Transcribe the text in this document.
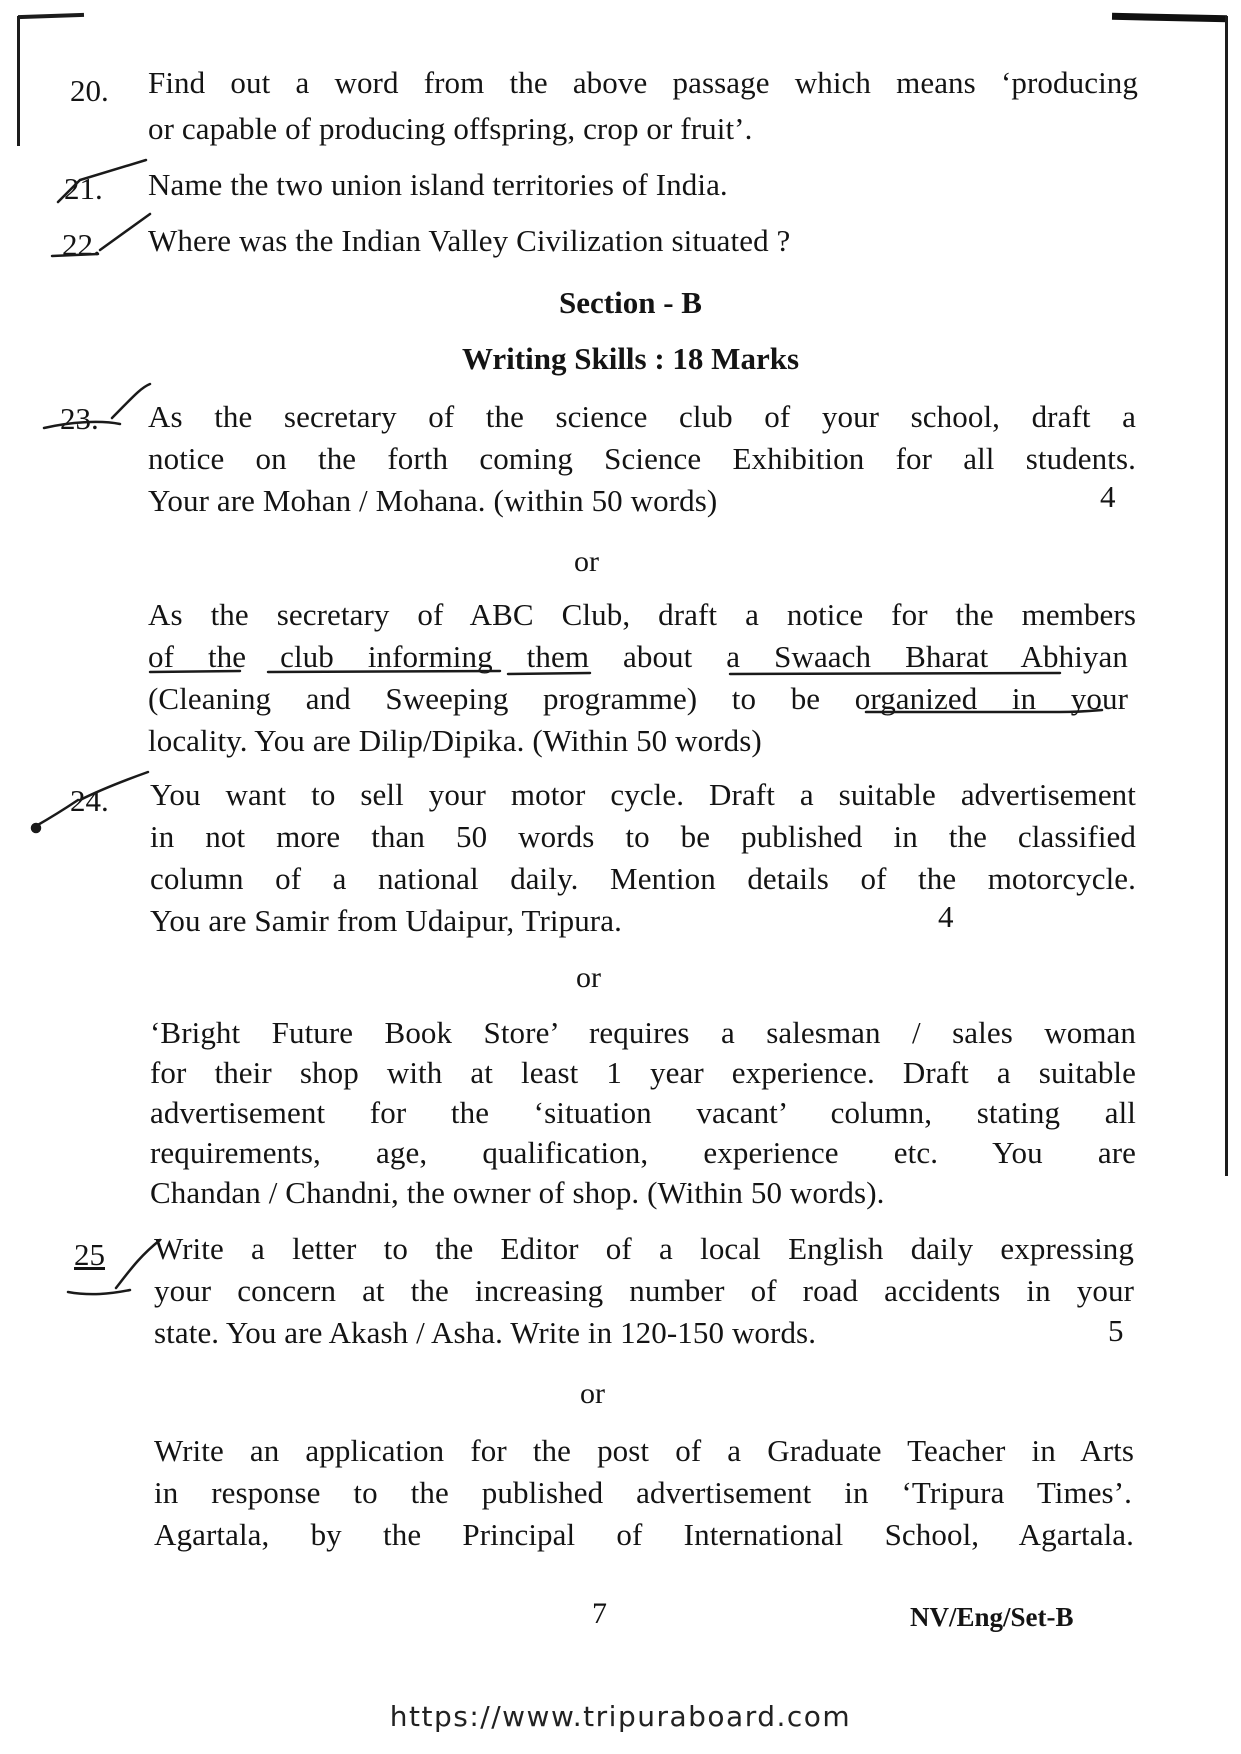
20. Find out a word from the above passage which means ‘producing
or capable of producing offspring, crop or fruit’.
21. Name the two union island territories of India.
22. Where was the Indian Valley Civilization situated ?
Section - B
Writing Skills : 18 Marks
23. As the secretary of the science club of your school, draft a
notice on the forth coming Science Exhibition for all students.
Your are Mohan / Mohana. (within 50 words)	4
or
As the secretary of ABC Club, draft a notice for the members
of the club informing them about a Swaach Bharat Abhiyan
(Cleaning and Sweeping programme) to be organized in your
locality. You are Dilip/Dipika. (Within 50 words)
24. You want to sell your motor cycle. Draft a suitable advertisement
in not more than 50 words to be published in the classified
column of a national daily. Mention details of the motorcycle.
You are Samir from Udaipur, Tripura.	4
or
‘Bright Future Book Store’ requires a salesman / sales woman
for their shop with at least 1 year experience. Draft a suitable
advertisement for the ‘situation vacant’ column, stating all
requirements, age, qualification, experience etc. You are
Chandan / Chandni, the owner of shop. (Within 50 words).
25 Write a letter to the Editor of a local English daily expressing
your concern at the increasing number of road accidents in your
state. You are Akash / Asha. Write in 120-150 words.	5
or
Write an application for the post of a Graduate Teacher in Arts
in response to the published advertisement in ‘Tripura Times’.
Agartala, by the Principal of International School, Agartala.
7	NV/Eng/Set-B
https://www.tripuraboard.com
